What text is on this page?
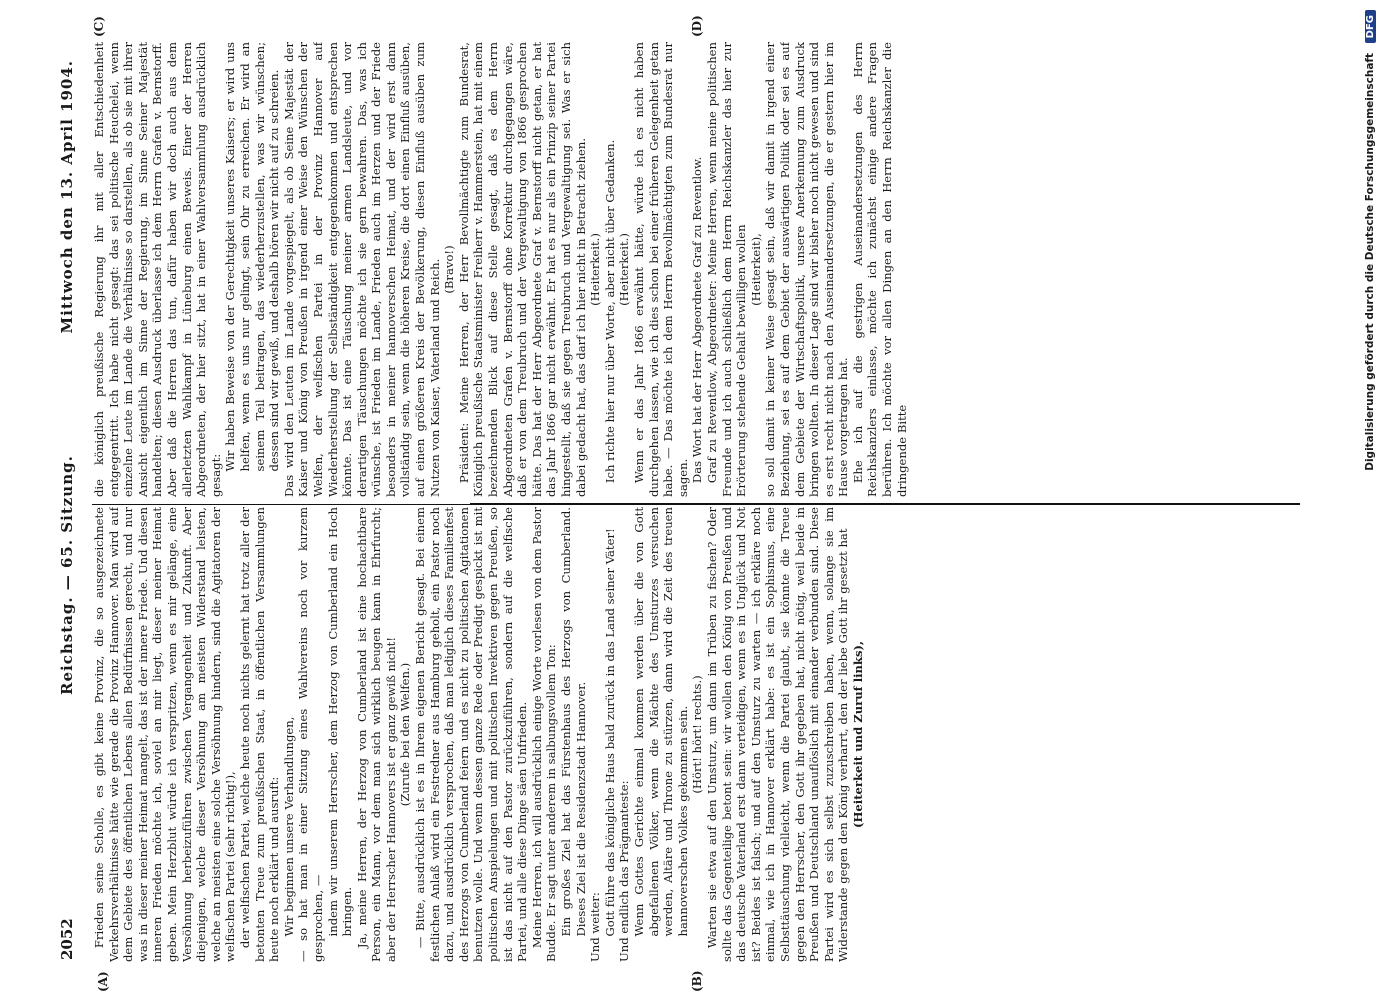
2052
Reichstag. — 65. Sitzung.
Mittwoch den 13. April 1904.
(A)	(B)
(C)	(D)

Frieden seine Scholle, es gibt keine Provinz, die so ausgezeichnete Verkehrsverhältnisse hätte wie gerade die Provinz Hannover. Man wird auf dem Gebiete des öffentlichen Lebens allen Bedürfnissen gerecht, und nur was in dieser meiner Heimat mangelt, das ist der innere Friede. Und diesen inneren Frieden möchte ich, soviel an mir liegt, dieser meiner Heimat geben. Mein Herzblut würde ich verspritzen, wenn es mir gelänge, eine Versöhnung herbeizuführen zwischen Vergangenheit und Zukunft. Aber diejenigen, welche dieser Versöhnung am meisten Widerstand leisten, welche an meisten eine solche Versöhnung hindern, sind die Agitatoren der welfischen Partei (sehr richtig!), der welfischen Partei, welche heute noch nichts gelernt hat trotz aller der betonten Treue zum preußischen Staat, in öffentlichen Versammlungen heute noch erklärt und ausruft: Wir beginnen unsere Verhandlungen, — so hat man in einer Sitzung eines Wahlvereins noch vor kurzem gesprochen, — indem wir unserem Herrscher, dem Herzog von Cumberland ein Hoch bringen. Ja, meine Herren, der Herzog von Cumberland ist eine hochachtbare Person, ein Mann, vor dem man sich wirklich beugen kann in Ehrfurcht; aber der Herrscher Hannovers ist er ganz gewiß nicht! (Zurufe bei den Welfen.) — Bitte, ausdrücklich ist es in Ihrem eigenen Bericht gesagt. Bei einem festlichen Anlaß wird ein Festredner aus Hamburg geholt, ein Pastor noch dazu, und ausdrücklich versprochen, daß man lediglich dieses Familienfest des Herzogs von Cumberland feiern und es nicht zu politischen Agitationen benutzen wolle. Und wenn dessen ganze Rede oder Predigt gespickt ist mit politischen Anspielungen und mit politischen Invektiven gegen Preußen, so ist das nicht auf den Pastor zurückzuführen, sondern auf die welfische Partei, und alle diese Dinge säen Unfrieden. Meine Herren, ich will ausdrücklich einige Worte vorlesen von dem Pastor Budde. Er sagt unter anderem in salbungsvollem Ton: Ein großes Ziel hat das Fürstenhaus des Herzogs von Cumberland. Dieses Ziel ist die Residenzstadt Hannover. Und weiter: Gott führe das königliche Haus bald zurück in das Land seiner Väter! Und endlich das Prägnanteste: Wenn Gottes Gerichte einmal kommen werden über die von Gott abgefallenen Völker, wenn die Mächte des Umsturzes versuchen werden, Altäre und Throne zu stürzen, dann wird die Zeit des treuen hannoverschen Volkes gekommen sein. (Hört! hört! rechts.) Warten sie etwa auf den Umsturz, um dann im Trüben zu fischen? Oder sollte das Gegenteilige betont sein: wir wollen den König von Preußen und das deutsche Vaterland erst dann verteidigen, wenn es in Unglück und Not ist? Beides ist falsch; und auf den Umsturz zu warten — ich erkläre noch einmal, wie ich in Hannover erklärt habe: es ist ein Sophismus, eine Selbsttäuschung vielleicht, wenn die Partei glaubt, sie könnte die Treue gegen den Herrscher, den Gott ihr gegeben hat, nicht nötig, weil beide in Preußen und Deutschland unauflöslich mit einander verbunden sind. Diese Partei wird es sich selbst zuzuschreiben haben, wenn, solange sie im Widerstande gegen den König verharrt, den der liebe Gott ihr gesetzt hat (Heiterkeit und Zuruf links),

die königlich preußische Regierung ihr mit aller Entschiedenheit entgegentritt. Ich habe nicht gesagt: das sei politische Heuchelei, wenn einzelne Leute im Lande die Verhältnisse so darstellen, als ob sie mit ihrer Ansicht eigentlich im Sinne der Regierung, im Sinne Seiner Majestät handelten; diesen Ausdruck überlasse ich dem Herrn Grafen v. Bernstorff. Aber daß die Herren das tun, dafür haben wir doch auch aus dem allerletzten Wahlkampf in Lüneburg einen Beweis. Einer der Herren Abgeordneten, der hier sitzt, hat in einer Wahlversammlung ausdrücklich gesagt:

Wir haben Beweise von der Gerechtigkeit unseres Kaisers; er wird uns helfen, wenn es uns nur gelingt, sein Ohr zu erreichen. Er wird an seinem Teil beitragen, das wiederherzustellen, was wir wünschen; dessen sind wir gewiß, und deshalb hören wir nicht auf zu schreien. Das wird den Leuten im Lande vorgespiegelt, als ob Seine Majestät der Kaiser und König von Preußen in irgend einer Weise den Wünschen der Welfen, der welfischen Partei in der Provinz Hannover auf Wiederherstellung der Selbständigkeit entgegenkommen und entsprechen könnte. Das ist eine Täuschung meiner armen Landsleute, und vor derartigen Täuschungen möchte ich sie gern bewahren. Das, was ich wünsche, ist Frieden im Lande, Frieden auch im Herzen und der Friede besonders in meiner hannoverschen Heimat, und der wird erst dann vollständig sein, wenn die höheren Kreise, die dort einen Einfluß ausüben, auf einen größeren Kreis der Bevölkerung, diesen Einfluß ausüben zum Nutzen von Kaiser, Vaterland und Reich. (Bravo!) Präsident: Meine Herren, der Herr Bevollmächtigte zum Bundesrat, Königlich preußische Staatsminister Freiherr v. Hammerstein, hat mit einem bezeichnenden Blick auf diese Stelle gesagt, daß es dem Herrn Abgeordneten Grafen v. Bernstorff ohne Korrektur durchgegangen wäre, daß er von dem Treubruch und der Vergewaltigung von 1866 gesprochen hätte. Das hat der Herr Abgeordnete Graf v. Bernstorff nicht getan, er hat das Jahr 1866 gar nicht erwähnt. Er hat es nur als ein Prinzip seiner Partei hingestellt, daß sie gegen Treubruch und Vergewaltigung sei. Was er sich dabei gedacht hat, das darf ich hier nicht in Betracht ziehen. (Heiterkeit.) Ich richte hier nur über Worte, aber nicht über Gedanken. (Heiterkeit.) Wenn er das Jahr 1866 erwähnt hätte, würde ich es nicht haben durchgehen lassen, wie ich dies schon bei einer früheren Gelegenheit getan habe. — Das möchte ich dem Herrn Bevollmächtigten zum Bundesrat nur sagen. Das Wort hat der Herr Abgeordnete Graf zu Reventlow. Graf zu Reventlow, Abgeordneter: Meine Herren, wenn meine politischen Freunde und ich auch schließlich dem Herrn Reichskanzler das hier zur Erörterung stehende Gehalt bewilligen wollen (Heiterkeit), so soll damit in keiner Weise gesagt sein, daß wir damit in irgend einer Beziehung, sei es auf dem Gebiet der auswärtigen Politik oder sei es auf dem Gebiete der Wirtschaftspolitik, unsere Anerkennung zum Ausdruck bringen wollten. In dieser Lage sind wir bisher noch nicht gewesen und sind es erst recht nicht nach den Auseinandersetzungen, die er gestern hier im Hause vorgetragen hat. Ehe ich auf die gestrigen Auseinandersetzungen des Herrn Reichskanzlers einlasse, möchte ich zunächst einige andere Fragen berühren. Ich möchte vor allen Dingen an den Herrn Reichskanzler die dringende Bitte	Digitalisierung gefördert durch die Deutsche Forschungsgemeinschaft DFG
